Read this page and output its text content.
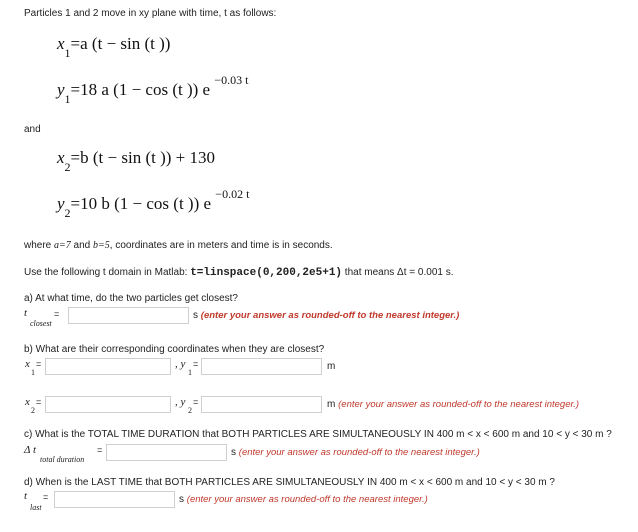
Particles 1 and 2 move in xy plane with time, t as follows:
$x_1=a$ (t − sin (t ))
$y_1=18$ a (1 − cos (t )) e $^{-0.03 t}$
and
$x_2=b$ (t − sin (t )) + 130
$y_2=10$ b (1 − cos (t )) e $^{-0.02 t}$
where a=7 and b=5, coordinates are in meters and time is in seconds.
Use the following t domain in Matlab: t=linspace(0,200,2e5+1) that means Δt = 0.001 s.
a) At what time, do the two particles get closest?
t
closest
=	s (enter your answer as rounded-off to the nearest integer.)
b) What are their corresponding coordinates when they are closest?
x
1
=	, y
1
=	m
x
2
=	, y
2
=	m (enter your answer as rounded-off to the nearest integer.)
c) What is the TOTAL TIME DURATION that BOTH PARTICLES ARE SIMULTANEOUSLY IN 400 m < x < 600 m and 10 < y < 30 m ?
Δ t
total duration
=	s (enter your answer as rounded-off to the nearest integer.)
d) When is the LAST TIME that BOTH PARTICLES ARE SIMULTANEOUSLY IN 400 m < x < 600 m and 10 < y < 30 m ?
t
last
=	s (enter your answer as rounded-off to the nearest integer.)
